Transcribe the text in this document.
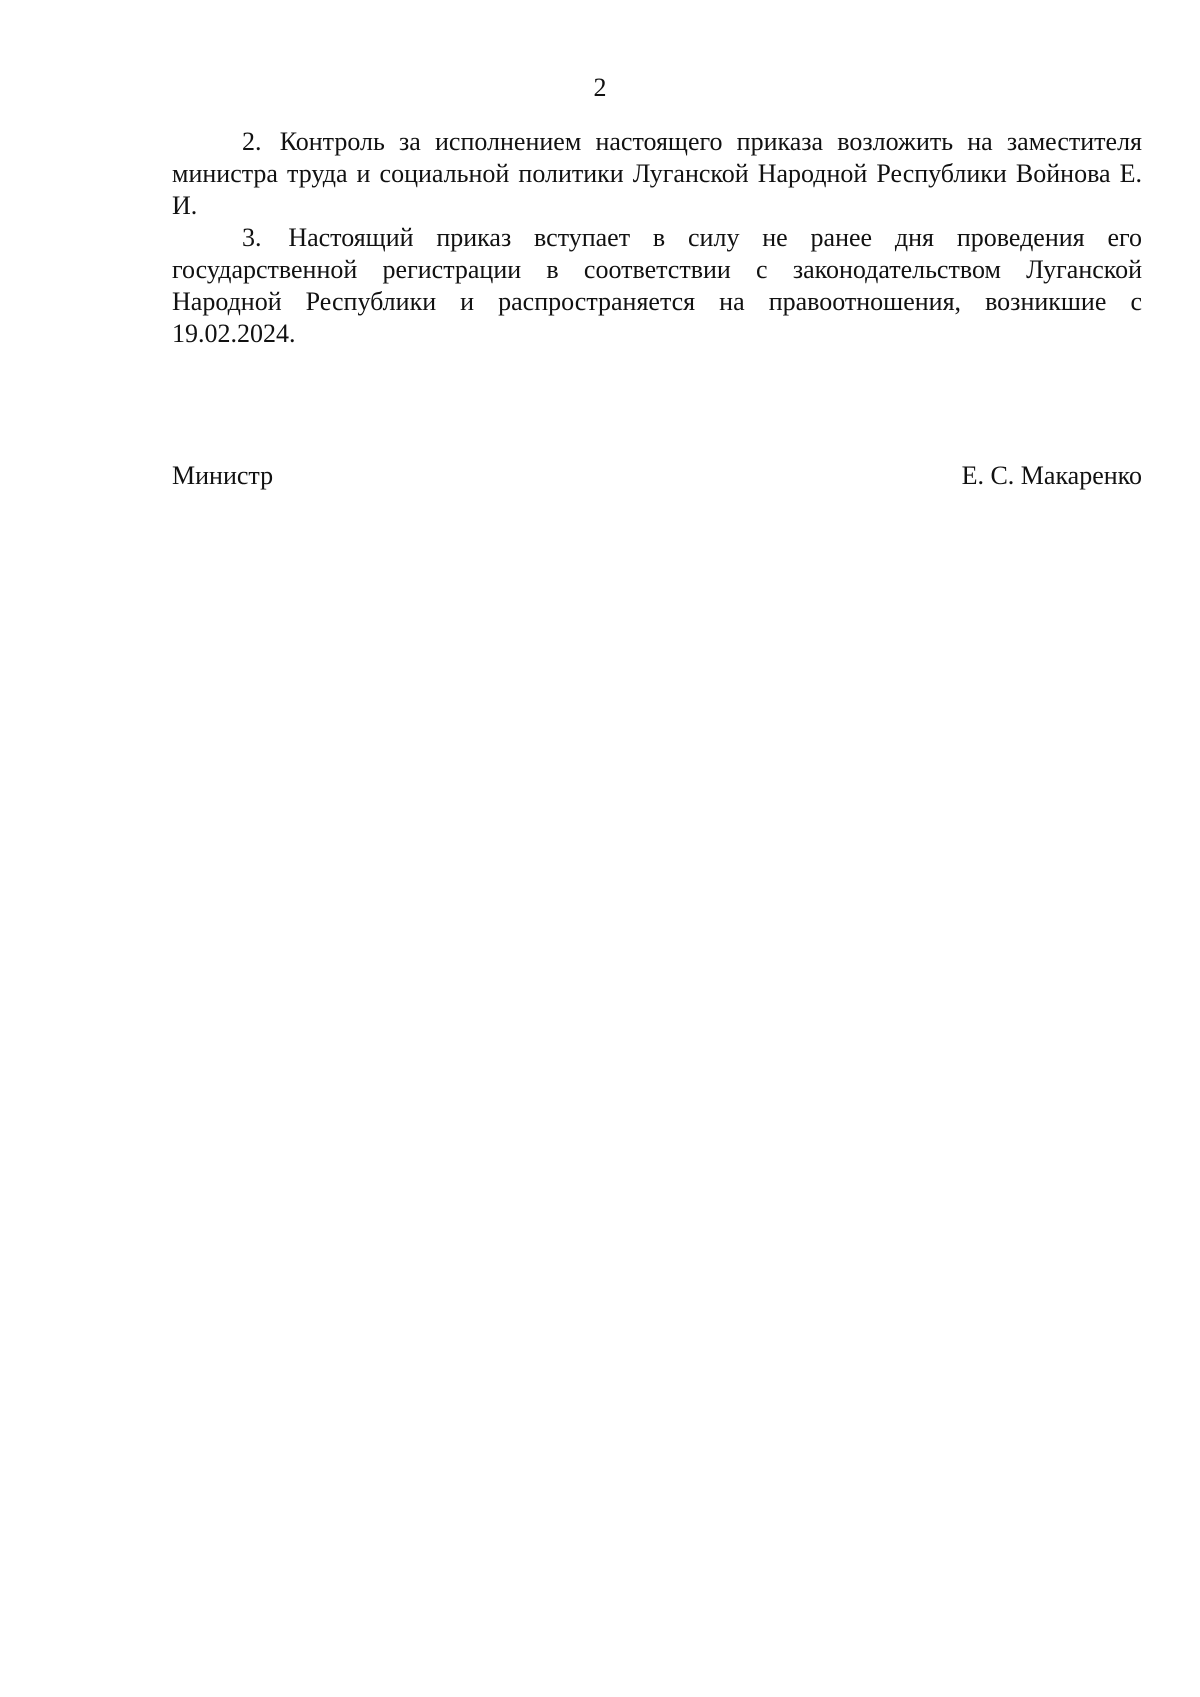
2

2. Контроль за исполнением настоящего приказа возложить на заместителя министра труда и социальной политики Луганской Народной Республики Войнова Е. И.

3. Настоящий приказ вступает в силу не ранее дня проведения его государственной регистрации в соответствии с законодательством Луганской Народной Республики и распространяется на правоотношения, возникшие с 19.02.2024.

Министр	Е. С. Макаренко
